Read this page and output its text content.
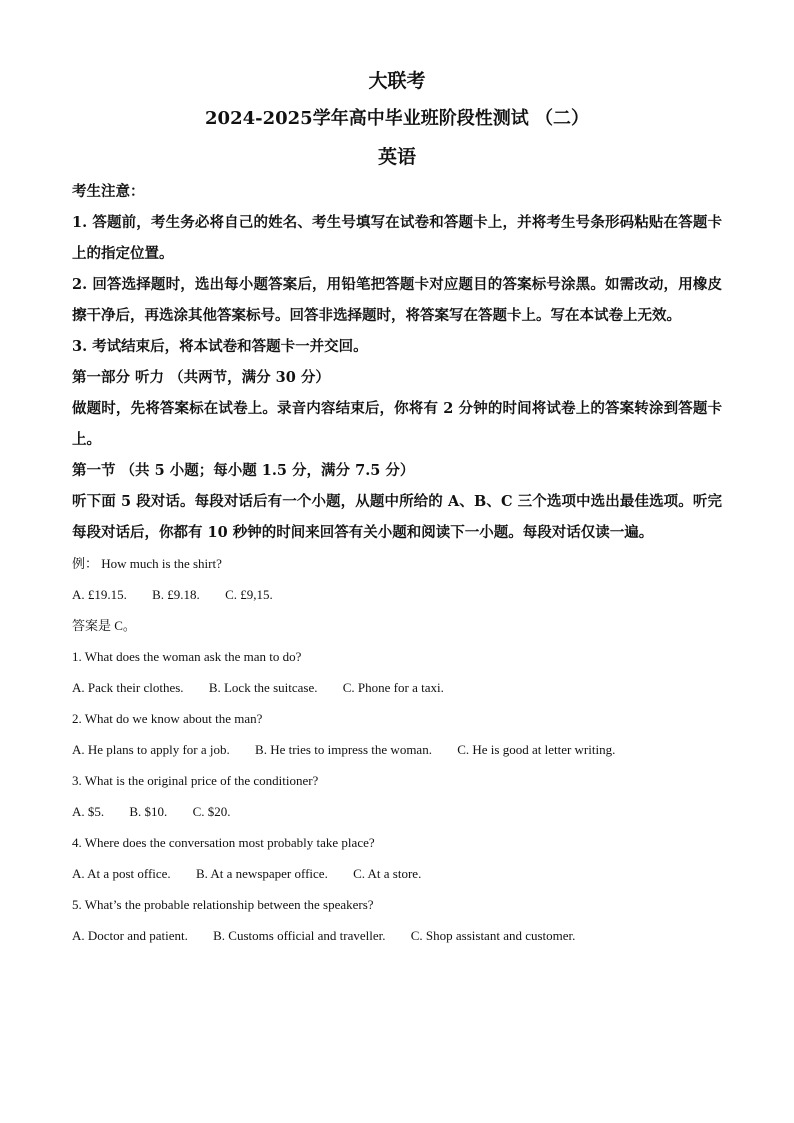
大联考
2024-2025学年高中毕业班阶段性测试 （二）
英语
考生注意：
1. 答题前，考生务必将自己的姓名、考生号填写在试卷和答题卡上，并将考生号条形码粘贴在答题卡上的指定位置。
2. 回答选择题时，选出每小题答案后，用铅笔把答题卡对应题目的答案标号涂黑。如需改动，用橡皮擦干净后，再选涂其他答案标号。回答非选择题时，将答案写在答题卡上。写在本试卷上无效。
3. 考试结束后，将本试卷和答题卡一并交回。
第一部分 听力 （共两节，满分 30 分）
做题时，先将答案标在试卷上。录音内容结束后，你将有 2 分钟的时间将试卷上的答案转涂到答题卡上。
第一节 （共 5 小题；每小题 1.5 分，满分 7.5 分）
听下面 5 段对话。每段对话后有一个小题，从题中所给的 A、B、C 三个选项中选出最佳选项。听完每段对话后，你都有 10 秒钟的时间来回答有关小题和阅读下一小题。每段对话仅读一遍。
例： How much is the shirt?
A. £19.15. B. £9.18. C. £9,15.
答案是 C。
1. What does the woman ask the man to do?
A. Pack their clothes. B. Lock the suitcase. C. Phone for a taxi.
2. What do we know about the man?
A. He plans to apply for a job. B. He tries to impress the woman. C. He is good at letter writing.
3. What is the original price of the conditioner?
A. $5. B. $10. C. $20.
4. Where does the conversation most probably take place?
A. At a post office. B. At a newspaper office. C. At a store.
5. What’s the probable relationship between the speakers?
A. Doctor and patient. B. Customs official and traveller. C. Shop assistant and customer.
